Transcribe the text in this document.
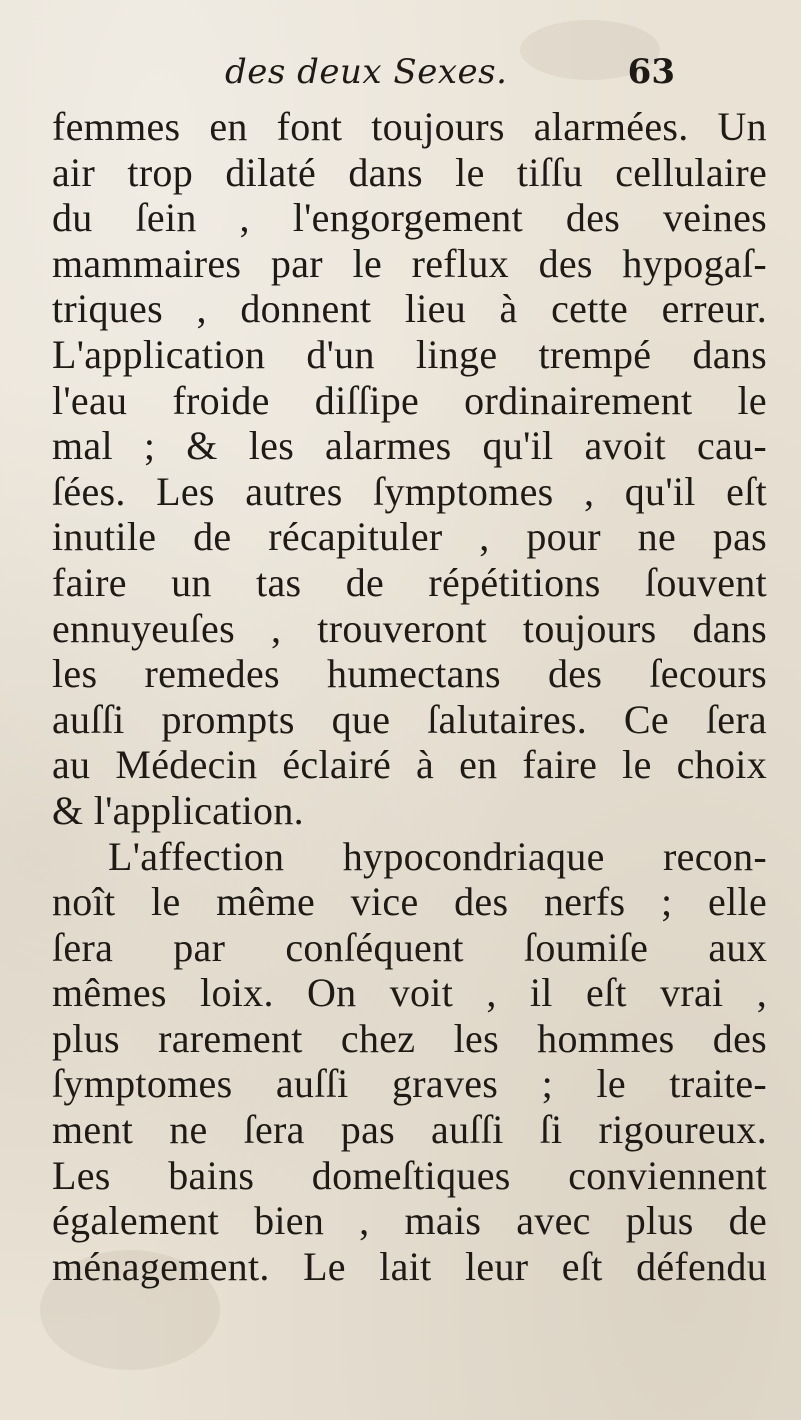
des deux Sexes.	63
femmes en font toujours alarmées. Un
air trop dilaté dans le tiſſu cellulaire
du ſein , l'engorgement des veines
mammaires par le reflux des hypogaſ-
triques , donnent lieu à cette erreur.
L'application d'un linge trempé dans
l'eau froide diſſipe ordinairement le
mal ; & les alarmes qu'il avoit cau-
ſées. Les autres ſymptomes , qu'il eſt
inutile de récapituler , pour ne pas
faire un tas de répétitions ſouvent
ennuyeuſes , trouveront toujours dans
les remedes humectans des ſecours
auſſi prompts que ſalutaires. Ce ſera
au Médecin éclairé à en faire le choix
& l'application.
L'affection hypocondriaque recon-
noît le même vice des nerfs ; elle
ſera par conſéquent ſoumiſe aux
mêmes loix. On voit , il eſt vrai ,
plus rarement chez les hommes des
ſymptomes auſſi graves ; le traite-
ment ne ſera pas auſſi ſi rigoureux.
Les bains domeſtiques conviennent
également bien , mais avec plus de
ménagement. Le lait leur eſt défendu
